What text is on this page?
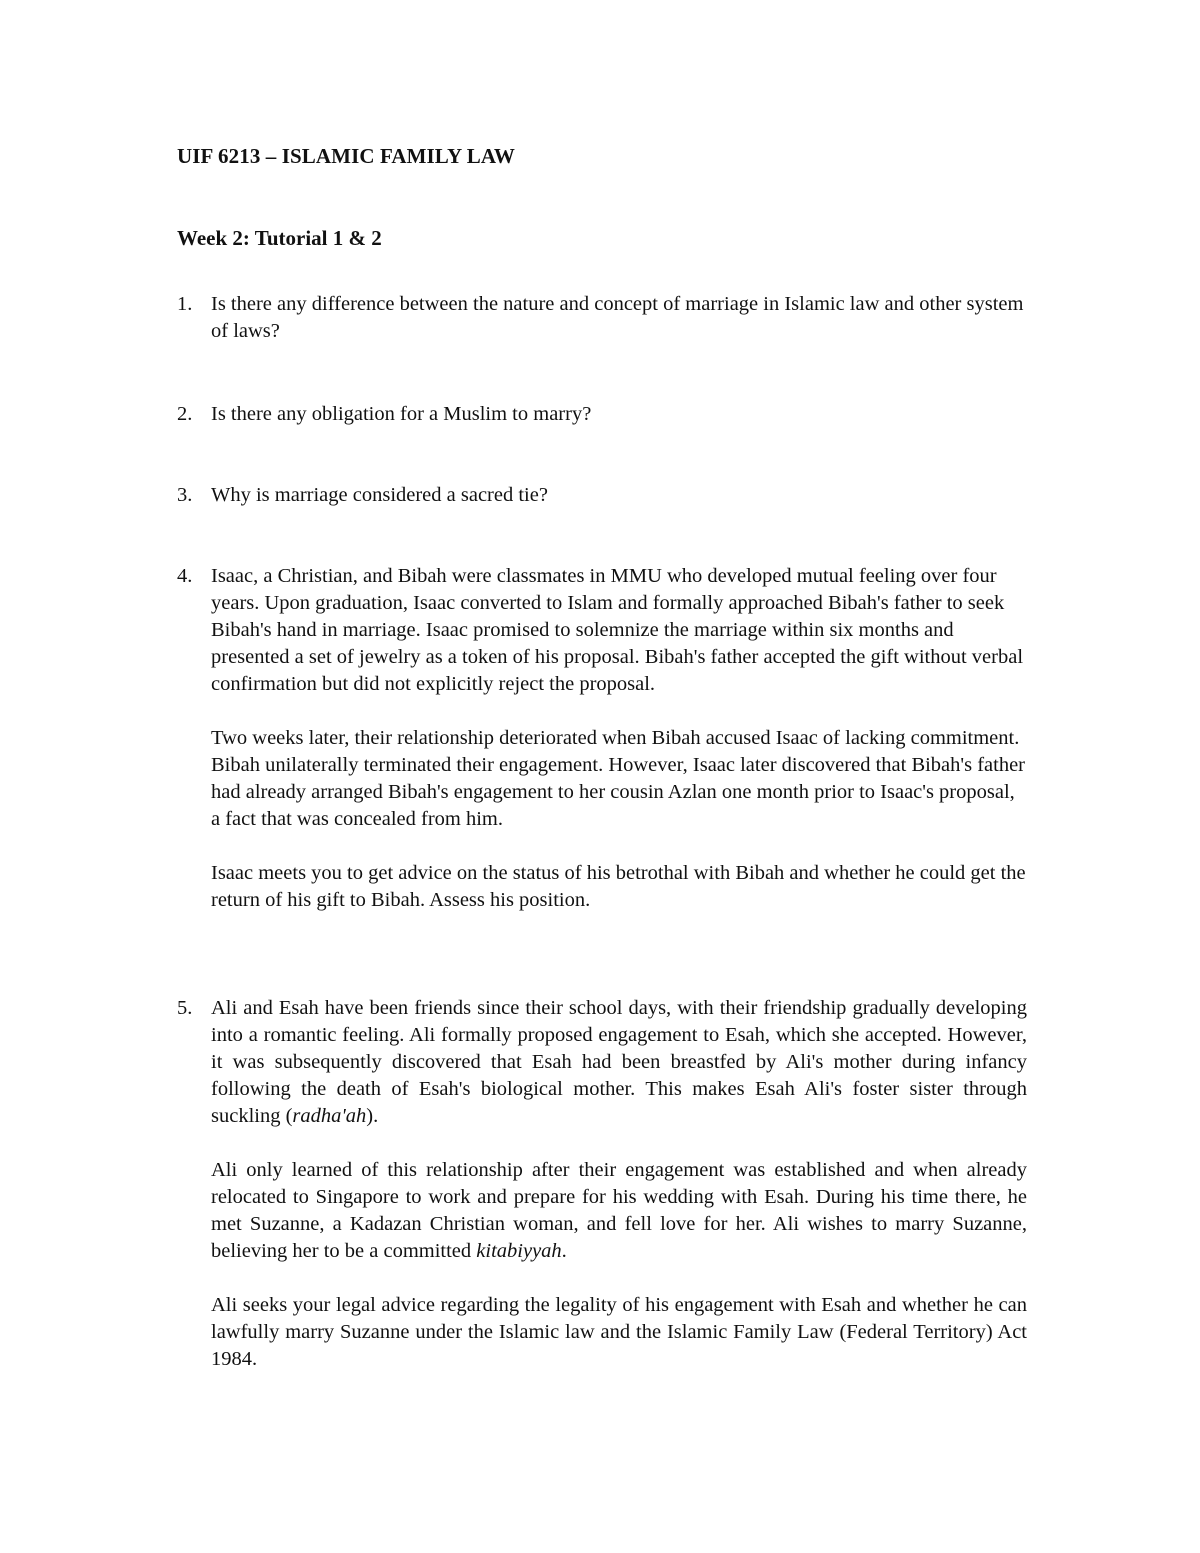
UIF 6213 – ISLAMIC FAMILY LAW
Week 2: Tutorial 1 & 2
1. Is there any difference between the nature and concept of marriage in Islamic law and other system of laws?

2. Is there any obligation for a Muslim to marry?

3. Why is marriage considered a sacred tie?

4. Isaac, a Christian, and Bibah were classmates in MMU who developed mutual feeling over four years. Upon graduation, Isaac converted to Islam and formally approached Bibah's father to seek Bibah's hand in marriage. Isaac promised to solemnize the marriage within six months and presented a set of jewelry as a token of his proposal. Bibah's father accepted the gift without verbal confirmation but did not explicitly reject the proposal.

Two weeks later, their relationship deteriorated when Bibah accused Isaac of lacking commitment. Bibah unilaterally terminated their engagement. However, Isaac later discovered that Bibah's father had already arranged Bibah's engagement to her cousin Azlan one month prior to Isaac's proposal, a fact that was concealed from him.

Isaac meets you to get advice on the status of his betrothal with Bibah and whether he could get the return of his gift to Bibah. Assess his position.

5. Ali and Esah have been friends since their school days, with their friendship gradually developing into a romantic feeling. Ali formally proposed engagement to Esah, which she accepted. However, it was subsequently discovered that Esah had been breastfed by Ali's mother during infancy following the death of Esah's biological mother. This makes Esah Ali's foster sister through suckling (radha'ah).

Ali only learned of this relationship after their engagement was established and when already relocated to Singapore to work and prepare for his wedding with Esah. During his time there, he met Suzanne, a Kadazan Christian woman, and fell love for her. Ali wishes to marry Suzanne, believing her to be a committed kitabiyyah.

Ali seeks your legal advice regarding the legality of his engagement with Esah and whether he can lawfully marry Suzanne under the Islamic law and the Islamic Family Law (Federal Territory) Act 1984.
